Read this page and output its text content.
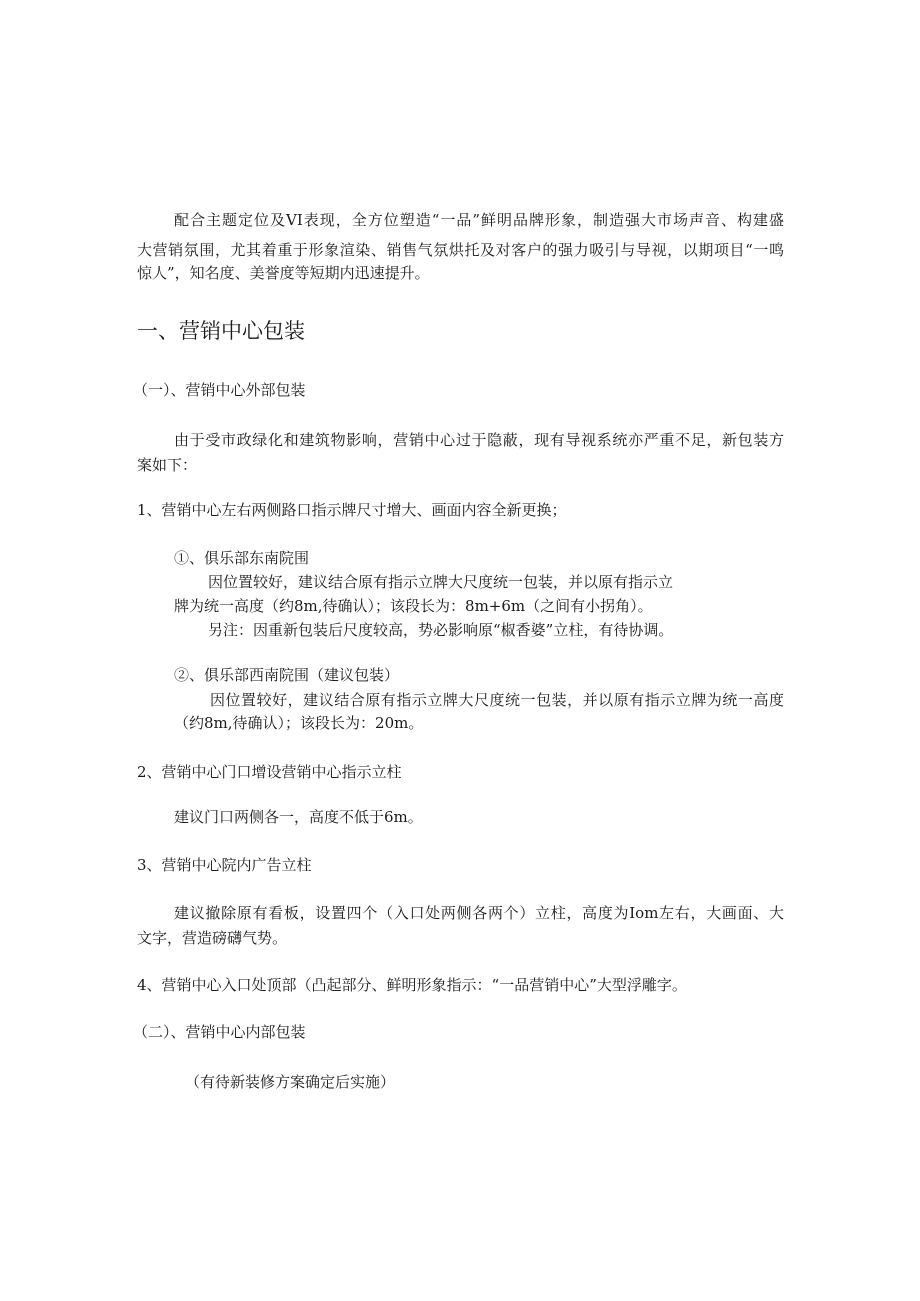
配合主题定位及VI表现，全方位塑造“一品”鲜明品牌形象，制造强大市场声音、构建盛
大营销氛围，尤其着重于形象渲染、销售气氛烘托及对客户的强力吸引与导视，以期项目“一鸣
惊人”，知名度、美誉度等短期内迅速提升。
一、营销中心包装
（一）、营销中心外部包装
由于受市政绿化和建筑物影响，营销中心过于隐蔽，现有导视系统亦严重不足，新包装方
案如下：
1、营销中心左右两侧路口指示牌尺寸增大、画面内容全新更换；
①、俱乐部东南院围
因位置较好，建议结合原有指示立牌大尺度统一包装，并以原有指示立
牌为统一高度（约8m,待确认）；该段长为：8m+6m（之间有小拐角）。
另注：因重新包装后尺度较高，势必影响原“椒香婆”立柱，有待协调。
②、俱乐部西南院围（建议包装）
因位置较好，建议结合原有指示立牌大尺度统一包装，并以原有指示立牌为统一高度
（约8m,待确认）；该段长为：20m。
2、营销中心门口增设营销中心指示立柱
建议门口两侧各一，高度不低于6m。
3、营销中心院内广告立柱
建议撤除原有看板，设置四个（入口处两侧各两个）立柱，高度为Iom左右，大画面、大
文字，营造磅礴气势。
4、营销中心入口处顶部（凸起部分、鲜明形象指示：“一品营销中心”大型浮雕字。
（二）、营销中心内部包装
（有待新装修方案确定后实施）
